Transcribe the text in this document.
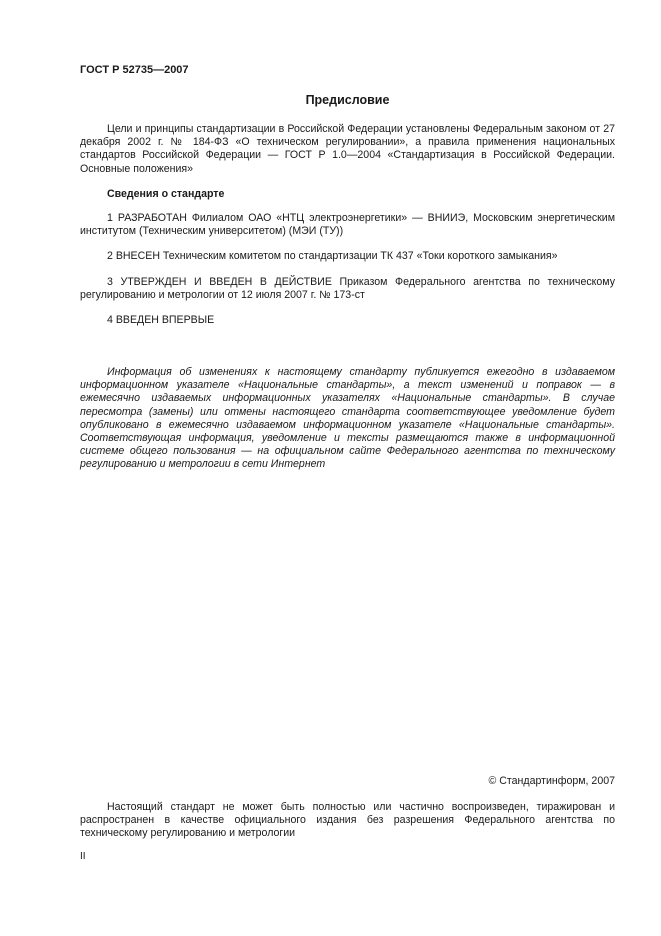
ГОСТ Р 52735—2007

Предисловие

Цели и принципы стандартизации в Российской Федерации установлены Федеральным законом от 27 декабря 2002 г. № 184-ФЗ «О техническом регулировании», а правила применения национальных стандартов Российской Федерации — ГОСТ Р 1.0—2004 «Стандартизация в Российской Федерации. Основные положения»

Сведения о стандарте

1 РАЗРАБОТАН Филиалом ОАО «НТЦ электроэнергетики» — ВНИИЭ, Московским энергетическим институтом (Техническим университетом) (МЭИ (ТУ))

2 ВНЕСЕН Техническим комитетом по стандартизации ТК 437 «Токи короткого замыкания»

3 УТВЕРЖДЕН И ВВЕДЕН В ДЕЙСТВИЕ Приказом Федерального агентства по техническому регулированию и метрологии от 12 июля 2007 г. № 173-ст

4 ВВЕДЕН ВПЕРВЫЕ

Информация об изменениях к настоящему стандарту публикуется ежегодно в издаваемом информационном указателе «Национальные стандарты», а текст изменений и поправок — в ежемесячно издаваемых информационных указателях «Национальные стандарты». В случае пересмотра (замены) или отмены настоящего стандарта соответствующее уведомление будет опубликовано в ежемесячно издаваемом информационном указателе «Национальные стандарты». Соответствующая информация, уведомление и тексты размещаются также в информационной системе общего пользования — на официальном сайте Федерального агентства по техническому регулированию и метрологии в сети Интернет

© Стандартинформ, 2007

Настоящий стандарт не может быть полностью или частично воспроизведен, тиражирован и распространен в качестве официального издания без разрешения Федерального агентства по техническому регулированию и метрологии

II
